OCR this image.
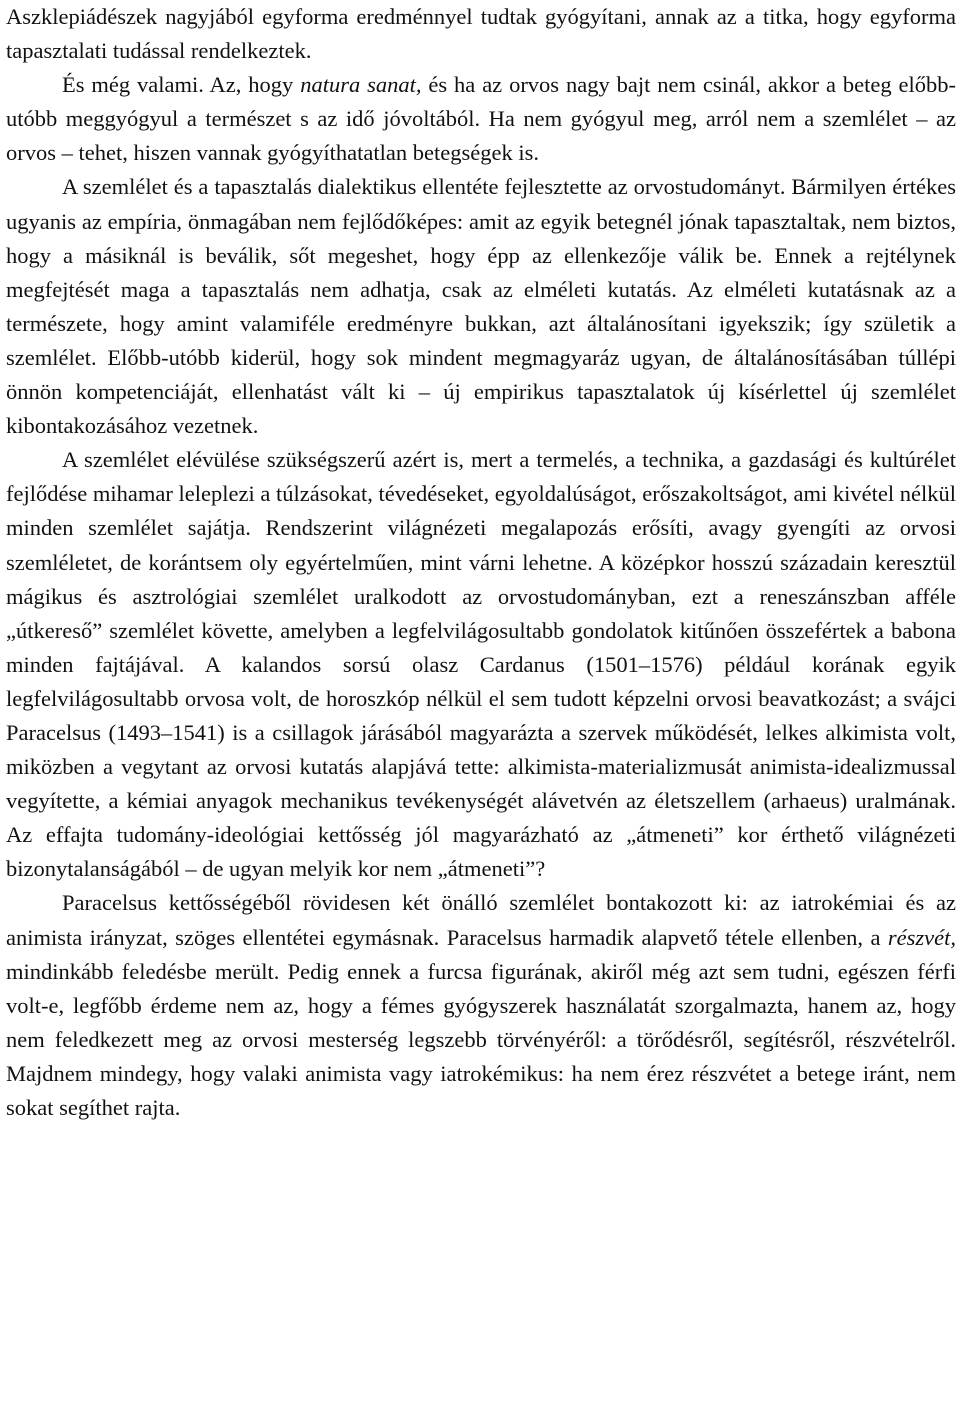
Aszklepiádészek nagyjából egyforma eredménnyel tudtak gyógyítani, annak az a titka, hogy egyforma tapasztalati tudással rendelkeztek.

És még valami. Az, hogy natura sanat, és ha az orvos nagy bajt nem csinál, akkor a beteg előbb-utóbb meggyógyul a természet s az idő jóvoltából. Ha nem gyógyul meg, arról nem a szemlélet – az orvos – tehet, hiszen vannak gyógyíthatatlan betegségek is.

A szemlélet és a tapasztalás dialektikus ellentéte fejlesztette az orvostudományt. Bármilyen értékes ugyanis az empíria, önmagában nem fejlődőképes: amit az egyik betegnél jónak tapasztaltak, nem biztos, hogy a másiknál is beválik, sőt megeshet, hogy épp az ellenkezője válik be. Ennek a rejtélynek megfejtését maga a tapasztalás nem adhatja, csak az elméleti kutatás. Az elméleti kutatásnak az a természete, hogy amint valamiféle eredményre bukkan, azt általánosítani igyekszik; így születik a szemlélet. Előbb-utóbb kiderül, hogy sok mindent megmagyaráz ugyan, de általánosításában túllépi önnön kompetenciáját, ellenhatást vált ki – új empirikus tapasztalatok új kísérlettel új szemlélet kibontakozásához vezetnek.

A szemlélet elévülése szükségszerű azért is, mert a termelés, a technika, a gazdasági és kultúrélet fejlődése mihamar leleplezi a túlzásokat, tévedéseket, egyoldalúságot, erőszakoltságot, ami kivétel nélkül minden szemlélet sajátja. Rendszerint világnézeti megalapozás erősíti, avagy gyengíti az orvosi szemléletet, de korántsem oly egyértelműen, mint várni lehetne. A középkor hosszú századain keresztül mágikus és asztrológiai szemlélet uralkodott az orvostudományban, ezt a reneszánszban afféle „útkereső” szemlélet követte, amelyben a legfelvilágosultabb gondolatok kitűnően összefértek a babona minden fajtájával. A kalandos sorsú olasz Cardanus (1501–1576) például korának egyik legfelvilágosultabb orvosa volt, de horoszkóp nélkül el sem tudott képzelni orvosi beavatkozást; a svájci Paracelsus (1493–1541) is a csillagok járásából magyarázta a szervek működését, lelkes alkimista volt, miközben a vegytant az orvosi kutatás alapjává tette: alkimista-materializmusát animista-idealizmussal vegyítette, a kémiai anyagok mechanikus tevékenységét alávetvén az életszellem (arhaeus) uralmának. Az effajta tudomány-ideológiai kettősség jól magyarázható az „átmeneti” kor érthető világnézeti bizonytalanságából – de ugyan melyik kor nem „átmeneti”?

Paracelsus kettősségéből rövidesen két önálló szemlélet bontakozott ki: az iatrokémiai és az animista irányzat, szöges ellentétei egymásnak. Paracelsus harmadik alapvető tétele ellenben, a részvét, mindinkább feledésbe merült. Pedig ennek a furcsa figurának, akiről még azt sem tudni, egészen férfi volt-e, legfőbb érdeme nem az, hogy a fémes gyógyszerek használatát szorgalmazta, hanem az, hogy nem feledkezett meg az orvosi mesterség legszebb törvényéről: a törődésről, segítésről, részvételről. Majdnem mindegy, hogy valaki animista vagy iatrokémikus: ha nem érez részvétet a betege iránt, nem sokat segíthet rajta.
